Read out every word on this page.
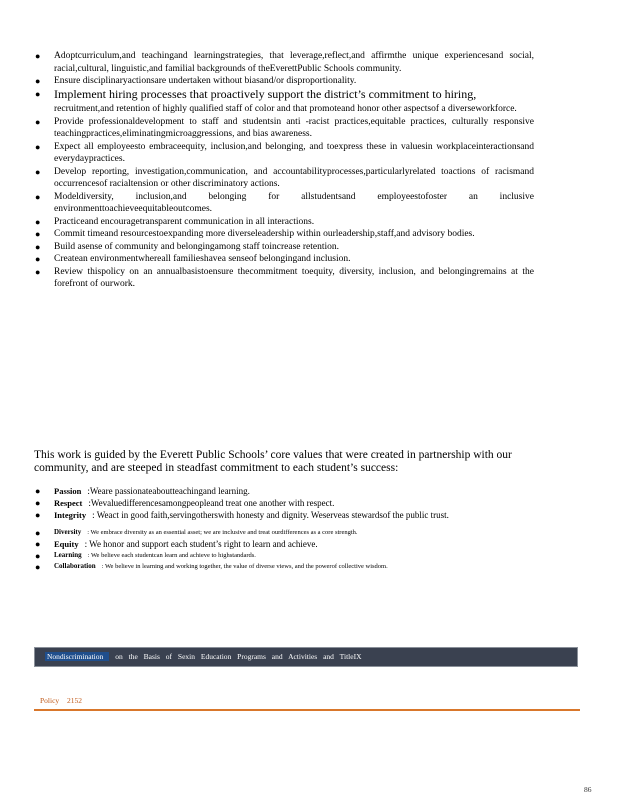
● Adoptcurriculum,and teachingand learningstrategies, that leverage,reflect,and affirmthe unique experiencesand social, racial,cultural, linguistic,and familial backgrounds of theEverettPublic Schools community.
● Ensure disciplinaryactionsare undertaken without biasand/or disproportionality.
● Implement hiring processes that proactively support the district’s commitment to hiring,
recruitment,and retention of highly qualified staff of color and that promoteand honor other aspectsof a diverseworkforce.
● Provide professionaldevelopment to staff and studentsin anti -racist practices,equitable practices, culturally responsive teachingpractices,eliminatingmicroaggressions, and bias awareness.
● Expect all employeesto embraceequity, inclusion,and belonging, and toexpress these in valuesin workplaceinteractionsand everydaypractices.
● Develop reporting, investigation,communication, and accountabilityprocesses,particularlyrelated toactions of racismand occurrencesof racialtension or other discriminatory actions.
● Modeldiversity, inclusion,and belonging for allstudentsand employeestofoster an inclusive environmenttoachieveequitableoutcomes.
● Practiceand encouragetransparent communication in all interactions.
● Commit timeand resourcestoexpanding more diverseleadership within ourleadership,staff,and advisory bodies.
● Build asense of community and belongingamong staff toincrease retention.
● Createan environmentwhereall familieshavea senseof belongingand inclusion.
● Review thispolicy on an annualbasistoensure thecommitment toequity, diversity, inclusion, and belongingremains at the forefront of ourwork.

This work is guided by the Everett Public Schools’ core values that were created in partnership with our community, and are steeped in steadfast commitment to each student’s success:

● Passion :Weare passionateaboutteachingand learning.
● Respect :Wevaluedifferencesamongpeopleand treat one another with respect.
● Integrity : Weact in good faith,servingotherswith honesty and dignity. Weserveas stewardsof the public trust.
● Diversity : We embrace diversity as an essential asset; we are inclusive and treat ourdifferences as a core strength.
● Equity : We honor and support each student’s right to learn and achieve.
● Learning : We believe each studentcan learn and achieve to highstandards.
● Collaboration : We believe in learning and working together, the value of diverse views, and the powerof collective wisdom.
Nondiscrimination on the Basis of Sexin Education Programs and Activities and TitleIX
Policy 2152
86
